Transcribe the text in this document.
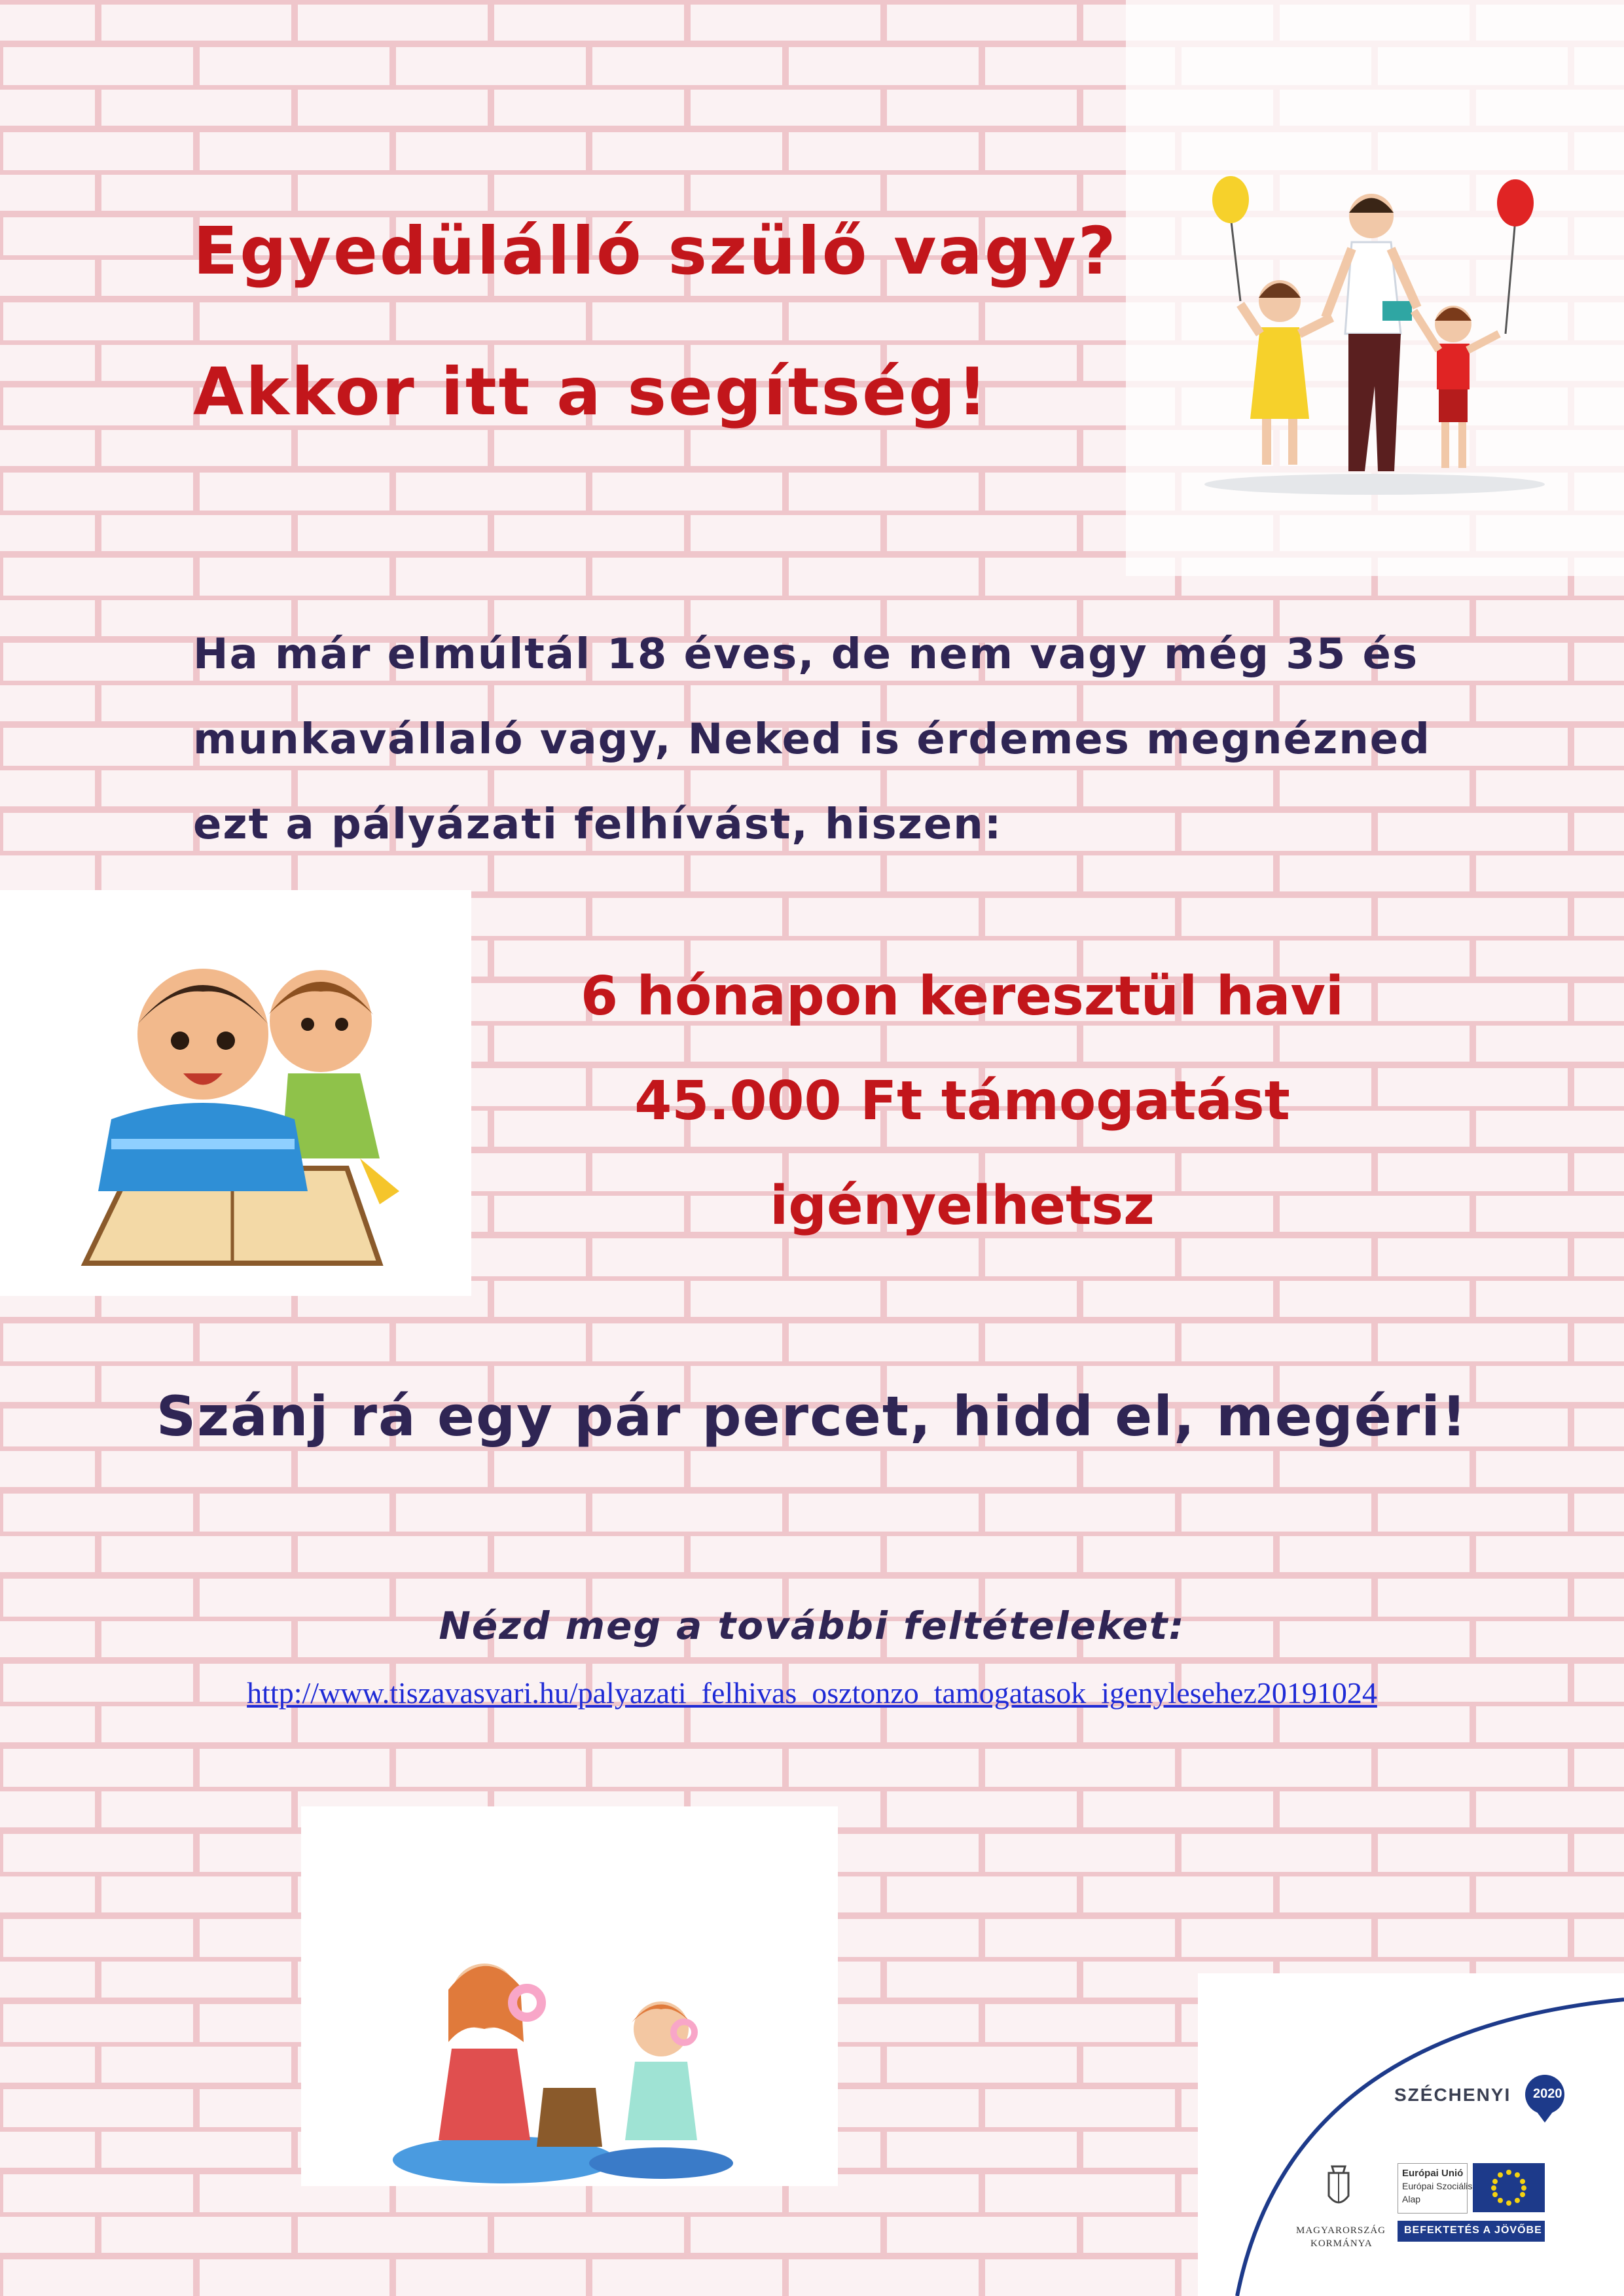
Egyedülálló szülő vagy?
Akkor itt a segítség!
Ha már elmúltál 18 éves, de nem vagy még 35 és
munkavállaló vagy, Neked is érdemes megnézned
ezt a pályázati felhívást, hiszen:
6 hónapon keresztül havi
45.000 Ft támogatást
igényelhetsz
Szánj rá egy pár percet, hidd el, megéri!
Nézd meg a további feltételeket:
http://www.tiszavasvari.hu/palyazati_felhivas_osztonzo_tamogatasok_igenylesehez20191024
SZÉCHENYI 2020
MAGYARORSZÁG
KORMÁNYA
Európai Unió
Európai Szociális
Alap
BEFEKTETÉS A JÖVŐBE
